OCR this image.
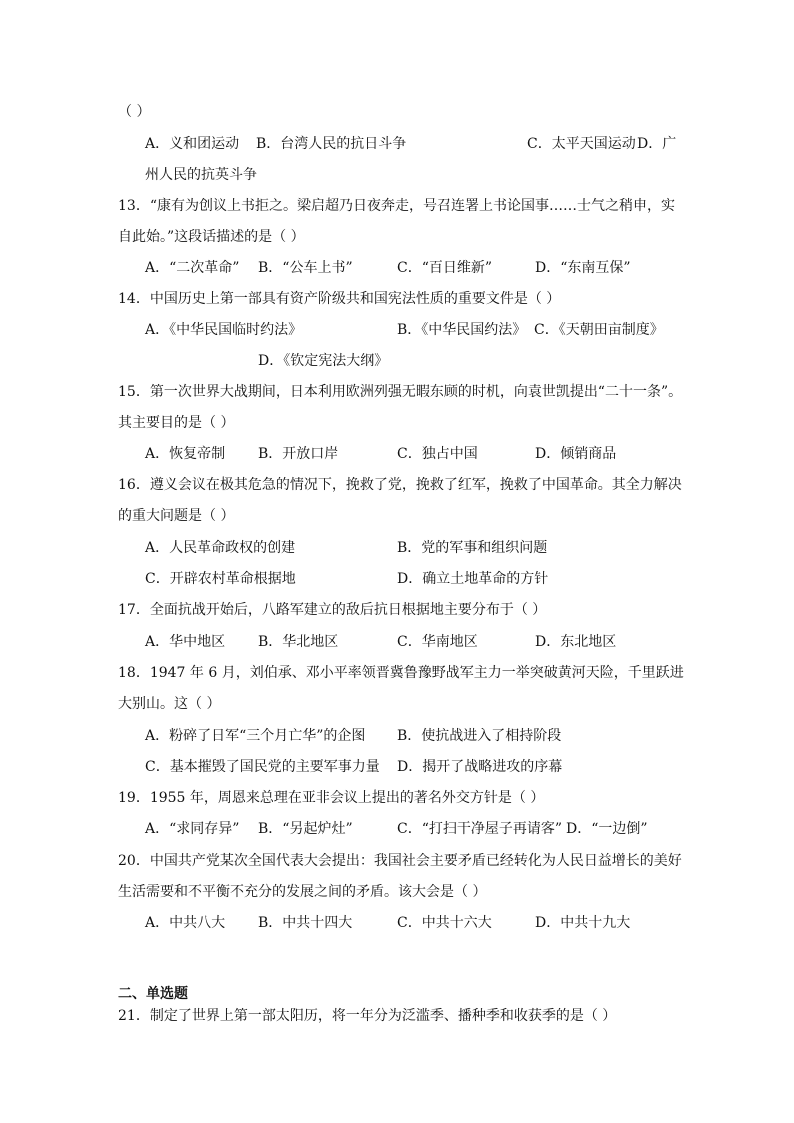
（ ）
A．义和团运动 B．台湾人民的抗日斗争	C．太平天国运动 D．广
州人民的抗英斗争
13．“康有为创议上书拒之。梁启超乃日夜奔走，号召连署上书论国事……士气之稍申，实
自此始。”这段话描述的是（ ）
A．“二次革命” B．“公车上书”	C．“百日维新”	D．“东南互保”
14．中国历史上第一部具有资产阶级共和国宪法性质的重要文件是（ ）
A．《中华民国临时约法》	B．《中华民国约法》 C．《天朝田亩制度》
D．《钦定宪法大纲》
15．第一次世界大战期间，日本利用欧洲列强无暇东顾的时机，向袁世凯提出“二十一条”。
其主要目的是（ ）
A．恢复帝制 B．开放口岸	C．独占中国	D．倾销商品
16．遵义会议在极其危急的情况下，挽救了党，挽救了红军，挽救了中国革命。其全力解决
的重大问题是（ ）
A．人民革命政权的创建	B．党的军事和组织问题
C．开辟农村革命根据地	D．确立土地革命的方针
17．全面抗战开始后，八路军建立的敌后抗日根据地主要分布于（ ）
A．华中地区 B．华北地区	C．华南地区	D．东北地区
18．1947 年 6 月，刘伯承、邓小平率领晋冀鲁豫野战军主力一举突破黄河天险，千里跃进
大别山。这（ ）
A．粉碎了日军“三个月亡华”的企图 B．使抗战进入了相持阶段
C．基本摧毁了国民党的主要军事力量 D．揭开了战略进攻的序幕
19．1955 年，周恩来总理在亚非会议上提出的著名外交方针是（ ）
A．“求同存异” B．“另起炉灶”	C．“打扫干净屋子再请客” D．“一边倒”
20．中国共产党某次全国代表大会提出：我国社会主要矛盾已经转化为人民日益增长的美好
生活需要和不平衡不充分的发展之间的矛盾。该大会是（ ）
A．中共八大 B．中共十四大	C．中共十六大	D．中共十九大
二、单选题
21．制定了世界上第一部太阳历，将一年分为泛滥季、播种季和收获季的是（ ）
